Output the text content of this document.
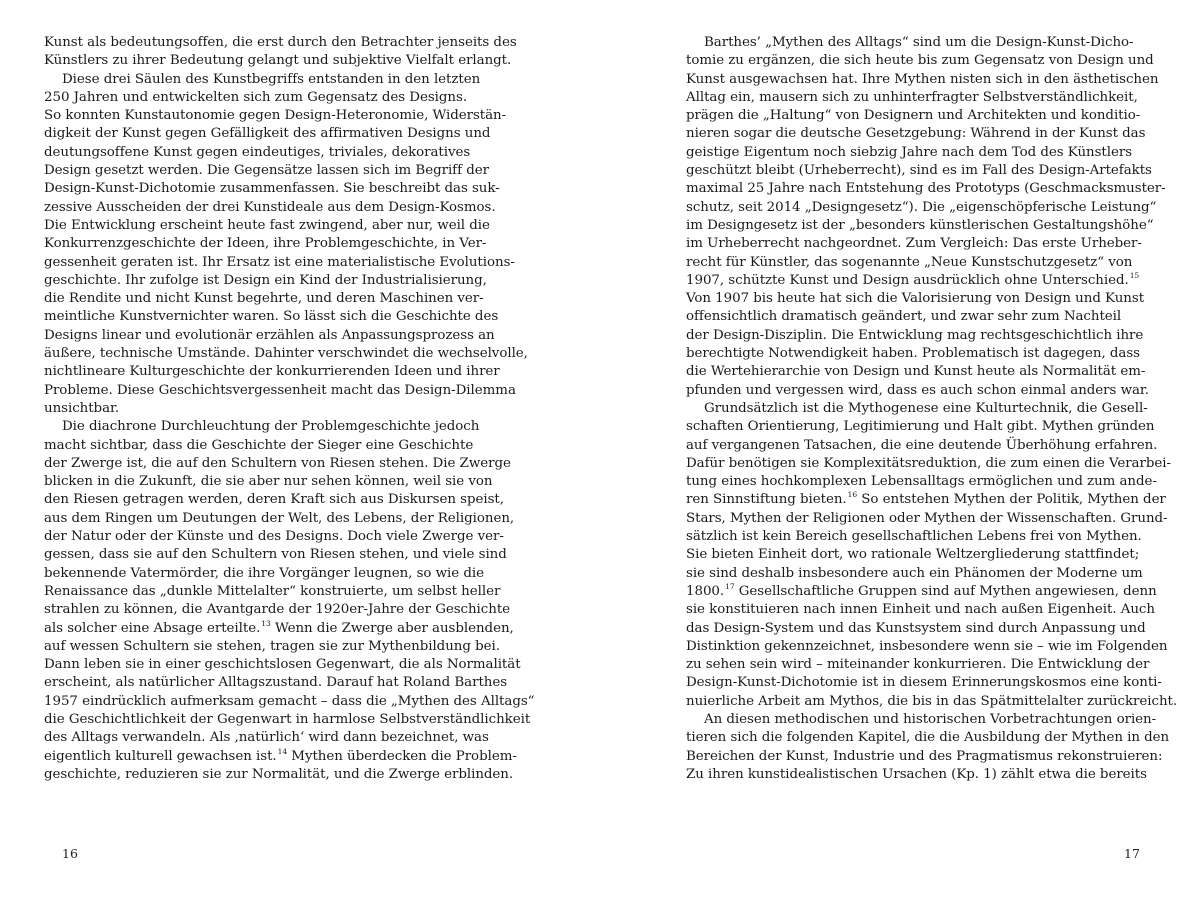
Kunst als bedeutungsoffen, die erst durch den Betrachter jenseits des
Künstlers zu ihrer Bedeutung gelangt und subjektive Vielfalt erlangt.
Diese drei Säulen des Kunstbegriffs entstanden in den letzten
250 Jahren und entwickelten sich zum Gegensatz des Designs.
So konnten Kunstautonomie gegen Design-Heteronomie, Widerstän-
digkeit der Kunst gegen Gefälligkeit des affirmativen Designs und
deutungsoffene Kunst gegen eindeutiges, triviales, dekoratives
Design gesetzt werden. Die Gegensätze lassen sich im Begriff der
Design-Kunst-Dichotomie zusammenfassen. Sie beschreibt das suk-
zessive Ausscheiden der drei Kunstideale aus dem Design-Kosmos.
Die Entwicklung erscheint heute fast zwingend, aber nur, weil die
Konkurrenzgeschichte der Ideen, ihre Problemgeschichte, in Ver-
gessenheit geraten ist. Ihr Ersatz ist eine materialistische Evolutions-
geschichte. Ihr zufolge ist Design ein Kind der Industrialisierung,
die Rendite und nicht Kunst begehrte, und deren Maschinen ver-
meintliche Kunstvernichter waren. So lässt sich die Geschichte des
Designs linear und evolutionär erzählen als Anpassungsprozess an
äußere, technische Umstände. Dahinter verschwindet die wechselvolle,
nichtlineare Kulturgeschichte der konkurrierenden Ideen und ihrer
Probleme. Diese Geschichtsvergessenheit macht das Design-Dilemma
unsichtbar.
Die diachrone Durchleuchtung der Problemgeschichte jedoch
macht sichtbar, dass die Geschichte der Sieger eine Geschichte
der Zwerge ist, die auf den Schultern von Riesen stehen. Die Zwerge
blicken in die Zukunft, die sie aber nur sehen können, weil sie von
den Riesen getragen werden, deren Kraft sich aus Diskursen speist,
aus dem Ringen um Deutungen der Welt, des Lebens, der Religionen,
der Natur oder der Künste und des Designs. Doch viele Zwerge ver-
gessen, dass sie auf den Schultern von Riesen stehen, und viele sind
bekennende Vatermörder, die ihre Vorgänger leugnen, so wie die
Renaissance das „dunkle Mittelalter“ konstruierte, um selbst heller
strahlen zu können, die Avantgarde der 1920er-Jahre der Geschichte
als solcher eine Absage erteilte.$^{13}$ Wenn die Zwerge aber ausblenden,
auf wessen Schultern sie stehen, tragen sie zur Mythenbildung bei.
Dann leben sie in einer geschichtslosen Gegenwart, die als Normalität
erscheint, als natürlicher Alltagszustand. Darauf hat Roland Barthes
1957 eindrücklich aufmerksam gemacht – dass die „Mythen des Alltags“
die Geschichtlichkeit der Gegenwart in harmlose Selbstverständlichkeit
des Alltags verwandeln. Als ‚natürlich‘ wird dann bezeichnet, was
eigentlich kulturell gewachsen ist.$^{14}$ Mythen überdecken die Problem-
geschichte, reduzieren sie zur Normalität, und die Zwerge erblinden.
Barthes’ „Mythen des Alltags“ sind um die Design-Kunst-Dicho-
tomie zu ergänzen, die sich heute bis zum Gegensatz von Design und
Kunst ausgewachsen hat. Ihre Mythen nisten sich in den ästhetischen
Alltag ein, mausern sich zu unhinterfragter Selbstverständlichkeit,
prägen die „Haltung“ von Designern und Architekten und konditio-
nieren sogar die deutsche Gesetzgebung: Während in der Kunst das
geistige Eigentum noch siebzig Jahre nach dem Tod des Künstlers
geschützt bleibt (Urheberrecht), sind es im Fall des Design-Artefakts
maximal 25 Jahre nach Entstehung des Prototyps (Geschmacksmuster-
schutz, seit 2014 „Designgesetz“). Die „eigenschöpferische Leistung“
im Designgesetz ist der „besonders künstlerischen Gestaltungshöhe“
im Urheberrecht nachgeordnet. Zum Vergleich: Das erste Urheber-
recht für Künstler, das sogenannte „Neue Kunstschutzgesetz“ von
1907, schützte Kunst und Design ausdrücklich ohne Unterschied.$^{15}$
Von 1907 bis heute hat sich die Valorisierung von Design und Kunst
offensichtlich dramatisch geändert, und zwar sehr zum Nachteil
der Design-Disziplin. Die Entwicklung mag rechtsgeschichtlich ihre
berechtigte Notwendigkeit haben. Problematisch ist dagegen, dass
die Wertehierarchie von Design und Kunst heute als Normalität em-
pfunden und vergessen wird, dass es auch schon einmal anders war.
Grundsätzlich ist die Mythogenese eine Kulturtechnik, die Gesell-
schaften Orientierung, Legitimierung und Halt gibt. Mythen gründen
auf vergangenen Tatsachen, die eine deutende Überhöhung erfahren.
Dafür benötigen sie Komplexitätsreduktion, die zum einen die Verarbei-
tung eines hochkomplexen Lebensalltags ermöglichen und zum ande-
ren Sinnstiftung bieten.$^{16}$ So entstehen Mythen der Politik, Mythen der
Stars, Mythen der Religionen oder Mythen der Wissenschaften. Grund-
sätzlich ist kein Bereich gesellschaftlichen Lebens frei von Mythen.
Sie bieten Einheit dort, wo rationale Weltzergliederung stattfindet;
sie sind deshalb insbesondere auch ein Phänomen der Moderne um
1800.17 Gesellschaftliche Gruppen sind auf Mythen angewiesen, denn
sie konstituieren nach innen Einheit und nach außen Eigenheit. Auch
das Design-System und das Kunstsystem sind durch Anpassung und
Distinktion gekennzeichnet, insbesondere wenn sie – wie im Folgenden
zu sehen sein wird – miteinander konkurrieren. Die Entwicklung der
Design-Kunst-Dichotomie ist in diesem Erinnerungskosmos eine konti-
nuierliche Arbeit am Mythos, die bis in das Spätmittelalter zurückreicht.
An diesen methodischen und historischen Vorbetrachtungen orien-
tieren sich die folgenden Kapitel, die die Ausbildung der Mythen in den
Bereichen der Kunst, Industrie und des Pragmatismus rekonstruieren:
Zu ihren kunstidealistischen Ursachen (Kp. 1) zählt etwa die bereits
16	17
